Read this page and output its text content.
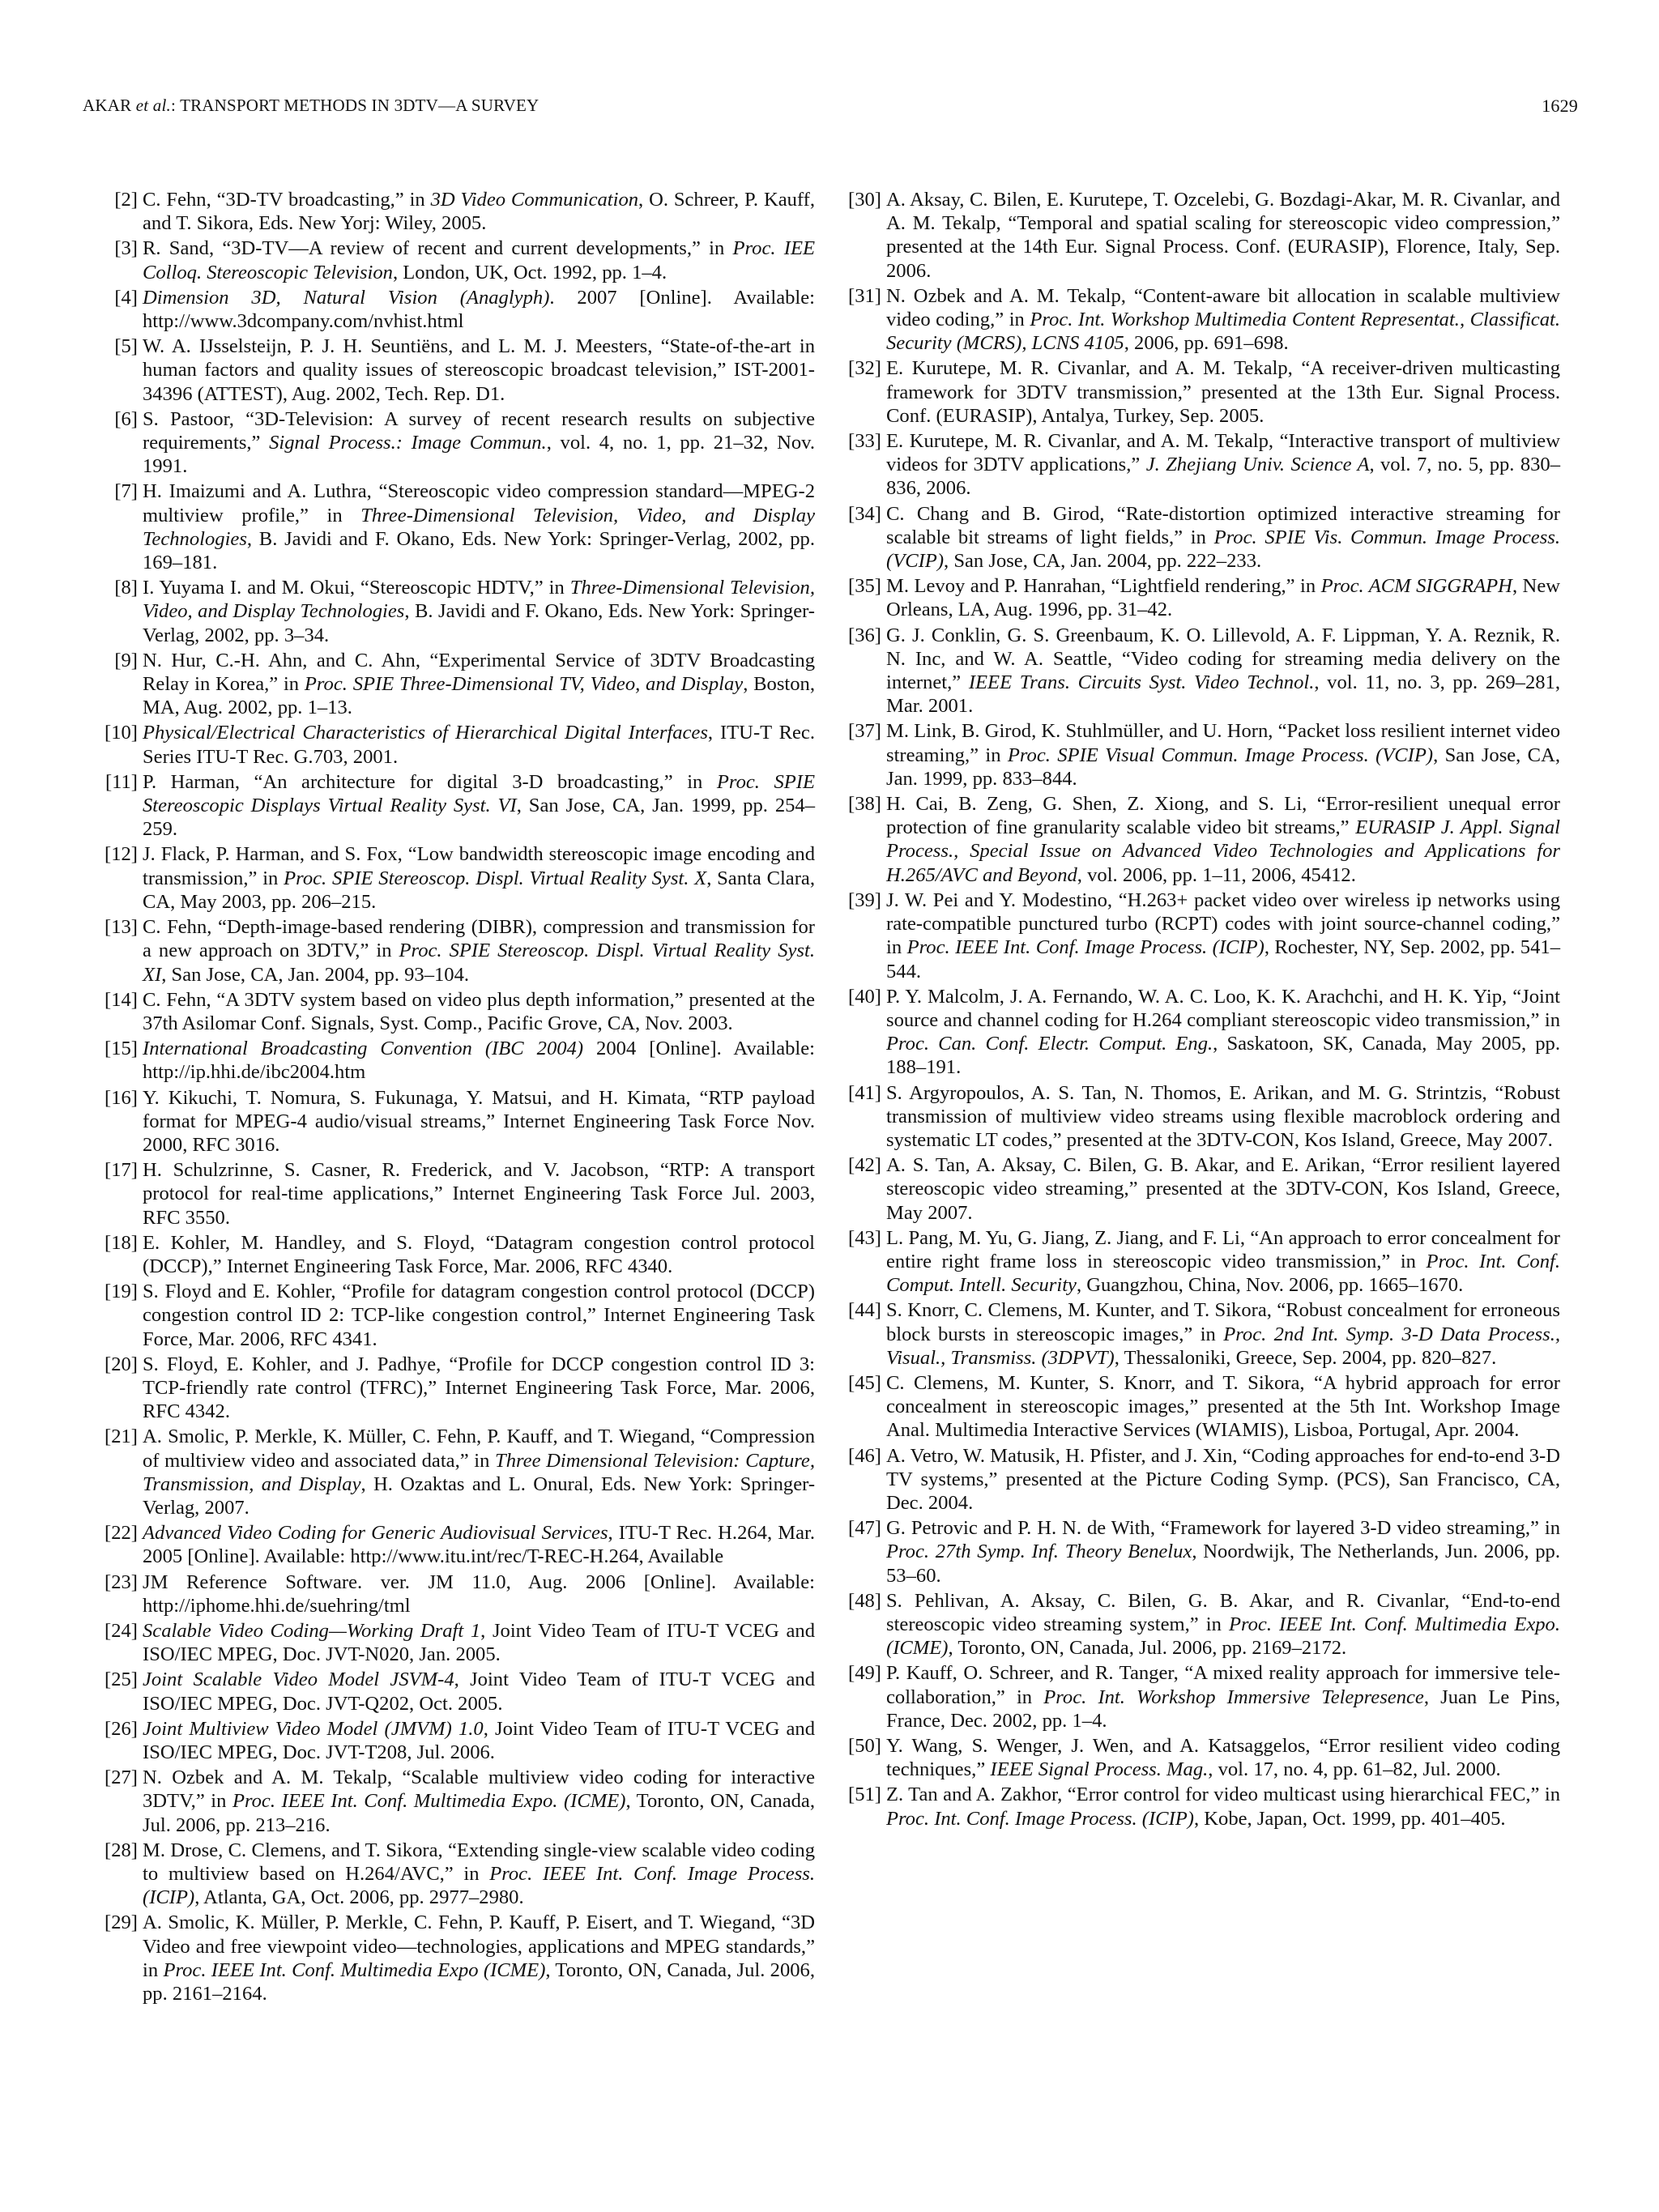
AKAR et al.: TRANSPORT METHODS IN 3DTV—A SURVEY	1629
[2] C. Fehn, “3D-TV broadcasting,” in 3D Video Communication, O. Schreer, P. Kauff, and T. Sikora, Eds. New Yorj: Wiley, 2005.
[3] R. Sand, “3D-TV—A review of recent and current developments,” in Proc. IEE Colloq. Stereoscopic Television, London, UK, Oct. 1992, pp. 1–4.
[4] Dimension 3D, Natural Vision (Anaglyph). 2007 [Online]. Available: http://www.3dcompany.com/nvhist.html
[5] W. A. IJsselsteijn, P. J. H. Seuntiëns, and L. M. J. Meesters, “State-of-the-art in human factors and quality issues of stereoscopic broadcast television,” IST-2001-34396 (ATTEST), Aug. 2002, Tech. Rep. D1.
[6] S. Pastoor, “3D-Television: A survey of recent research results on subjective requirements,” Signal Process.: Image Commun., vol. 4, no. 1, pp. 21–32, Nov. 1991.
[7] H. Imaizumi and A. Luthra, “Stereoscopic video compression standard—MPEG-2 multiview profile,” in Three-Dimensional Television, Video, and Display Technologies, B. Javidi and F. Okano, Eds. New York: Springer-Verlag, 2002, pp. 169–181.
[8] I. Yuyama I. and M. Okui, “Stereoscopic HDTV,” in Three-Dimensional Television, Video, and Display Technologies, B. Javidi and F. Okano, Eds. New York: Springer-Verlag, 2002, pp. 3–34.
[9] N. Hur, C.-H. Ahn, and C. Ahn, “Experimental Service of 3DTV Broadcasting Relay in Korea,” in Proc. SPIE Three-Dimensional TV, Video, and Display, Boston, MA, Aug. 2002, pp. 1–13.
[10] Physical/Electrical Characteristics of Hierarchical Digital Interfaces, ITU-T Rec. Series ITU-T Rec. G.703, 2001.
[11] P. Harman, “An architecture for digital 3-D broadcasting,” in Proc. SPIE Stereoscopic Displays Virtual Reality Syst. VI, San Jose, CA, Jan. 1999, pp. 254–259.
[12] J. Flack, P. Harman, and S. Fox, “Low bandwidth stereoscopic image encoding and transmission,” in Proc. SPIE Stereoscop. Displ. Virtual Reality Syst. X, Santa Clara, CA, May 2003, pp. 206–215.
[13] C. Fehn, “Depth-image-based rendering (DIBR), compression and transmission for a new approach on 3DTV,” in Proc. SPIE Stereoscop. Displ. Virtual Reality Syst. XI, San Jose, CA, Jan. 2004, pp. 93–104.
[14] C. Fehn, “A 3DTV system based on video plus depth information,” presented at the 37th Asilomar Conf. Signals, Syst. Comp., Pacific Grove, CA, Nov. 2003.
[15] International Broadcasting Convention (IBC 2004) 2004 [Online]. Available: http://ip.hhi.de/ibc2004.htm
[16] Y. Kikuchi, T. Nomura, S. Fukunaga, Y. Matsui, and H. Kimata, “RTP payload format for MPEG-4 audio/visual streams,” Internet Engineering Task Force Nov. 2000, RFC 3016.
[17] H. Schulzrinne, S. Casner, R. Frederick, and V. Jacobson, “RTP: A transport protocol for real-time applications,” Internet Engineering Task Force Jul. 2003, RFC 3550.
[18] E. Kohler, M. Handley, and S. Floyd, “Datagram congestion control protocol (DCCP),” Internet Engineering Task Force, Mar. 2006, RFC 4340.
[19] S. Floyd and E. Kohler, “Profile for datagram congestion control protocol (DCCP) congestion control ID 2: TCP-like congestion control,” Internet Engineering Task Force, Mar. 2006, RFC 4341.
[20] S. Floyd, E. Kohler, and J. Padhye, “Profile for DCCP congestion control ID 3: TCP-friendly rate control (TFRC),” Internet Engineering Task Force, Mar. 2006, RFC 4342.
[21] A. Smolic, P. Merkle, K. Müller, C. Fehn, P. Kauff, and T. Wiegand, “Compression of multiview video and associated data,” in Three Dimensional Television: Capture, Transmission, and Display, H. Ozaktas and L. Onural, Eds. New York: Springer-Verlag, 2007.
[22] Advanced Video Coding for Generic Audiovisual Services, ITU-T Rec. H.264, Mar. 2005 [Online]. Available: http://www.itu.int/rec/T-REC-H.264, Available
[23] JM Reference Software. ver. JM 11.0, Aug. 2006 [Online]. Available: http://iphome.hhi.de/suehring/tml
[24] Scalable Video Coding—Working Draft 1, Joint Video Team of ITU-T VCEG and ISO/IEC MPEG, Doc. JVT-N020, Jan. 2005.
[25] Joint Scalable Video Model JSVM-4, Joint Video Team of ITU-T VCEG and ISO/IEC MPEG, Doc. JVT-Q202, Oct. 2005.
[26] Joint Multiview Video Model (JMVM) 1.0, Joint Video Team of ITU-T VCEG and ISO/IEC MPEG, Doc. JVT-T208, Jul. 2006.
[27] N. Ozbek and A. M. Tekalp, “Scalable multiview video coding for interactive 3DTV,” in Proc. IEEE Int. Conf. Multimedia Expo. (ICME), Toronto, ON, Canada, Jul. 2006, pp. 213–216.
[28] M. Drose, C. Clemens, and T. Sikora, “Extending single-view scalable video coding to multiview based on H.264/AVC,” in Proc. IEEE Int. Conf. Image Process. (ICIP), Atlanta, GA, Oct. 2006, pp. 2977–2980.
[29] A. Smolic, K. Müller, P. Merkle, C. Fehn, P. Kauff, P. Eisert, and T. Wiegand, “3D Video and free viewpoint video—technologies, applications and MPEG standards,” in Proc. IEEE Int. Conf. Multimedia Expo (ICME), Toronto, ON, Canada, Jul. 2006, pp. 2161–2164.
[30] A. Aksay, C. Bilen, E. Kurutepe, T. Ozcelebi, G. Bozdagi-Akar, M. R. Civanlar, and A. M. Tekalp, “Temporal and spatial scaling for stereoscopic video compression,” presented at the 14th Eur. Signal Process. Conf. (EURASIP), Florence, Italy, Sep. 2006.
[31] N. Ozbek and A. M. Tekalp, “Content-aware bit allocation in scalable multiview video coding,” in Proc. Int. Workshop Multimedia Content Representat., Classificat. Security (MCRS), LCNS 4105, 2006, pp. 691–698.
[32] E. Kurutepe, M. R. Civanlar, and A. M. Tekalp, “A receiver-driven multicasting framework for 3DTV transmission,” presented at the 13th Eur. Signal Process. Conf. (EURASIP), Antalya, Turkey, Sep. 2005.
[33] E. Kurutepe, M. R. Civanlar, and A. M. Tekalp, “Interactive transport of multiview videos for 3DTV applications,” J. Zhejiang Univ. Science A, vol. 7, no. 5, pp. 830–836, 2006.
[34] C. Chang and B. Girod, “Rate-distortion optimized interactive streaming for scalable bit streams of light fields,” in Proc. SPIE Vis. Commun. Image Process. (VCIP), San Jose, CA, Jan. 2004, pp. 222–233.
[35] M. Levoy and P. Hanrahan, “Lightfield rendering,” in Proc. ACM SIGGRAPH, New Orleans, LA, Aug. 1996, pp. 31–42.
[36] G. J. Conklin, G. S. Greenbaum, K. O. Lillevold, A. F. Lippman, Y. A. Reznik, R. N. Inc, and W. A. Seattle, “Video coding for streaming media delivery on the internet,” IEEE Trans. Circuits Syst. Video Technol., vol. 11, no. 3, pp. 269–281, Mar. 2001.
[37] M. Link, B. Girod, K. Stuhlmüller, and U. Horn, “Packet loss resilient internet video streaming,” in Proc. SPIE Visual Commun. Image Process. (VCIP), San Jose, CA, Jan. 1999, pp. 833–844.
[38] H. Cai, B. Zeng, G. Shen, Z. Xiong, and S. Li, “Error-resilient unequal error protection of fine granularity scalable video bit streams,” EURASIP J. Appl. Signal Process., Special Issue on Advanced Video Technologies and Applications for H.265/AVC and Beyond, vol. 2006, pp. 1–11, 2006, 45412.
[39] J. W. Pei and Y. Modestino, “H.263+ packet video over wireless ip networks using rate-compatible punctured turbo (RCPT) codes with joint source-channel coding,” in Proc. IEEE Int. Conf. Image Process. (ICIP), Rochester, NY, Sep. 2002, pp. 541–544.
[40] P. Y. Malcolm, J. A. Fernando, W. A. C. Loo, K. K. Arachchi, and H. K. Yip, “Joint source and channel coding for H.264 compliant stereoscopic video transmission,” in Proc. Can. Conf. Electr. Comput. Eng., Saskatoon, SK, Canada, May 2005, pp. 188–191.
[41] S. Argyropoulos, A. S. Tan, N. Thomos, E. Arikan, and M. G. Strintzis, “Robust transmission of multiview video streams using flexible macroblock ordering and systematic LT codes,” presented at the 3DTV-CON, Kos Island, Greece, May 2007.
[42] A. S. Tan, A. Aksay, C. Bilen, G. B. Akar, and E. Arikan, “Error resilient layered stereoscopic video streaming,” presented at the 3DTV-CON, Kos Island, Greece, May 2007.
[43] L. Pang, M. Yu, G. Jiang, Z. Jiang, and F. Li, “An approach to error concealment for entire right frame loss in stereoscopic video transmission,” in Proc. Int. Conf. Comput. Intell. Security, Guangzhou, China, Nov. 2006, pp. 1665–1670.
[44] S. Knorr, C. Clemens, M. Kunter, and T. Sikora, “Robust concealment for erroneous block bursts in stereoscopic images,” in Proc. 2nd Int. Symp. 3-D Data Process., Visual., Transmiss. (3DPVT), Thessaloniki, Greece, Sep. 2004, pp. 820–827.
[45] C. Clemens, M. Kunter, S. Knorr, and T. Sikora, “A hybrid approach for error concealment in stereoscopic images,” presented at the 5th Int. Workshop Image Anal. Multimedia Interactive Services (WIAMIS), Lisboa, Portugal, Apr. 2004.
[46] A. Vetro, W. Matusik, H. Pfister, and J. Xin, “Coding approaches for end-to-end 3-D TV systems,” presented at the Picture Coding Symp. (PCS), San Francisco, CA, Dec. 2004.
[47] G. Petrovic and P. H. N. de With, “Framework for layered 3-D video streaming,” in Proc. 27th Symp. Inf. Theory Benelux, Noordwijk, The Netherlands, Jun. 2006, pp. 53–60.
[48] S. Pehlivan, A. Aksay, C. Bilen, G. B. Akar, and R. Civanlar, “End-to-end stereoscopic video streaming system,” in Proc. IEEE Int. Conf. Multimedia Expo. (ICME), Toronto, ON, Canada, Jul. 2006, pp. 2169–2172.
[49] P. Kauff, O. Schreer, and R. Tanger, “A mixed reality approach for immersive tele-collaboration,” in Proc. Int. Workshop Immersive Telepresence, Juan Le Pins, France, Dec. 2002, pp. 1–4.
[50] Y. Wang, S. Wenger, J. Wen, and A. Katsaggelos, “Error resilient video coding techniques,” IEEE Signal Process. Mag., vol. 17, no. 4, pp. 61–82, Jul. 2000.
[51] Z. Tan and A. Zakhor, “Error control for video multicast using hierarchical FEC,” in Proc. Int. Conf. Image Process. (ICIP), Kobe, Japan, Oct. 1999, pp. 401–405.
